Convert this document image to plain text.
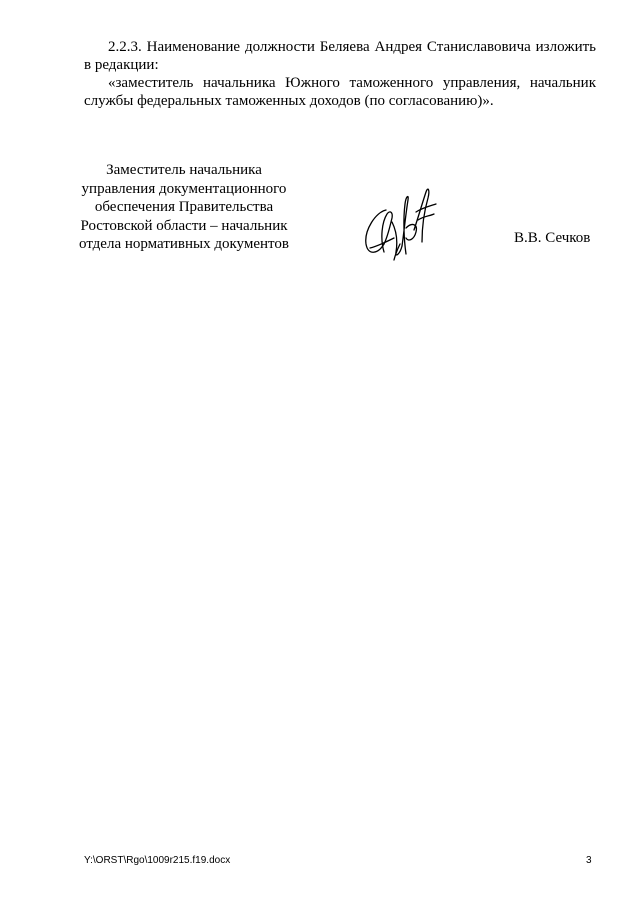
2.2.3. Наименование должности Беляева Андрея Станиславовича изложить в редакции:

«заместитель начальника Южного таможенного управления, начальник службы федеральных таможенных доходов (по согласованию)».

Заместитель начальника
управления документационного
обеспечения Правительства
Ростовской области – начальник
отдела нормативных документов	В.В. Сечков
Y:\ORST\Rgo\1009r215.f19.docx	3
